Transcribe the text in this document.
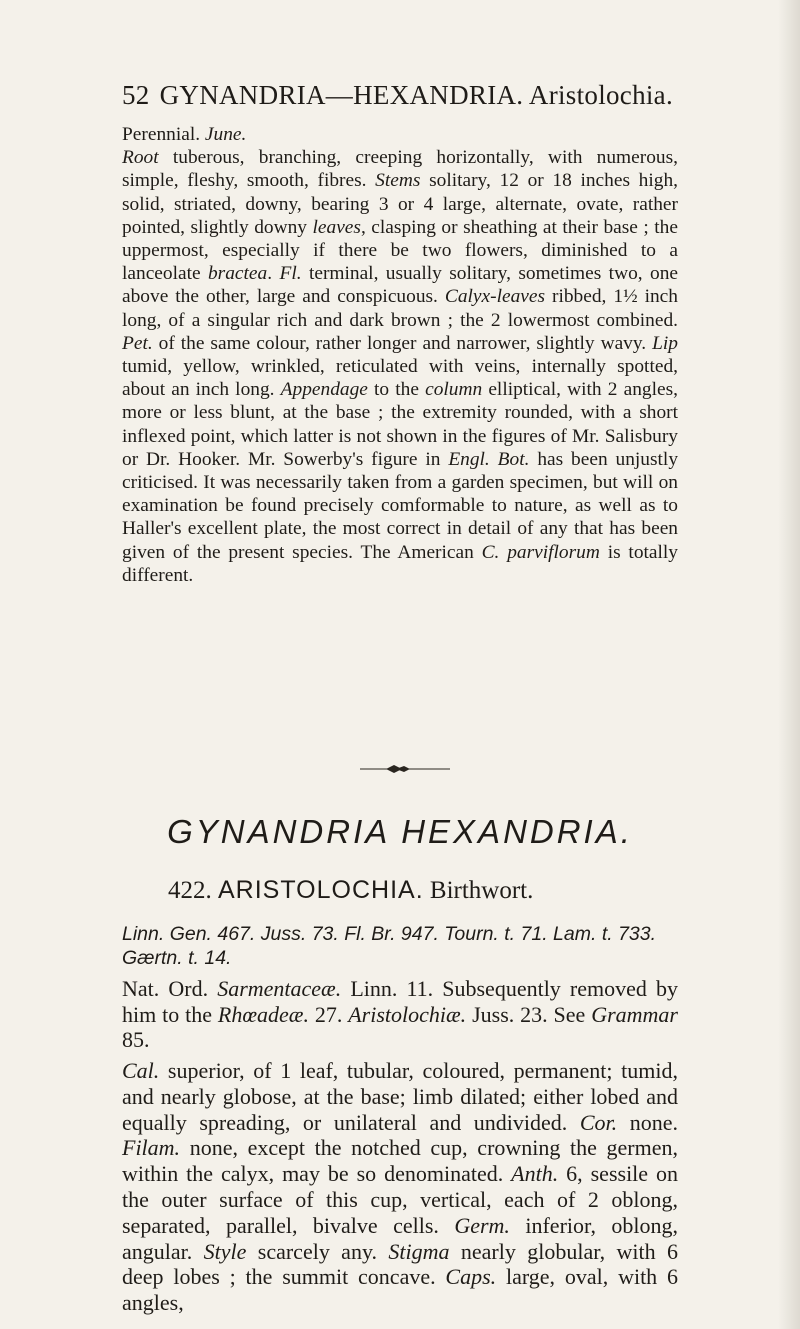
52 GYNANDRIA—HEXANDRIA. Aristolochia.

Perennial. June.

Root tuberous, branching, creeping horizontally, with numerous, simple, fleshy, smooth, fibres. Stems solitary, 12 or 18 inches high, solid, striated, downy, bearing 3 or 4 large, alternate, ovate, rather pointed, slightly downy leaves, clasping or sheathing at their base ; the uppermost, especially if there be two flowers, diminished to a lanceolate bractea. Fl. terminal, usually solitary, sometimes two, one above the other, large and conspicuous. Calyx-leaves ribbed, 1½ inch long, of a singular rich and dark brown ; the 2 lowermost combined. Pet. of the same colour, rather longer and narrower, slightly wavy. Lip tumid, yellow, wrinkled, reticulated with veins, internally spotted, about an inch long. Appendage to the column elliptical, with 2 angles, more or less blunt, at the base ; the extremity rounded, with a short inflexed point, which latter is not shown in the figures of Mr. Salisbury or Dr. Hooker. Mr. Sowerby's figure in Engl. Bot. has been unjustly criticised. It was necessarily taken from a garden specimen, but will on examination be found precisely comformable to nature, as well as to Haller's excellent plate, the most correct in detail of any that has been given of the present species. The American C. parviflorum is totally different.

GYNANDRIA HEXANDRIA.
422. ARISTOLOCHIA. Birthwort.

Linn. Gen. 467. Juss. 73. Fl. Br. 947. Tourn. t. 71. Lam. t. 733.

Gærtn. t. 14.

Nat. Ord. Sarmentaceæ. Linn. 11. Subsequently removed by him to the Rhœadeæ. 27. Aristolochiæ. Juss. 23. See Grammar 85.

Cal. superior, of 1 leaf, tubular, coloured, permanent; tumid, and nearly globose, at the base; limb dilated; either lobed and equally spreading, or unilateral and undivided. Cor. none. Filam. none, except the notched cup, crowning the germen, within the calyx, may be so denominated. Anth. 6, sessile on the outer surface of this cup, vertical, each of 2 oblong, separated, parallel, bivalve cells. Germ. inferior, oblong, angular. Style scarcely any. Stigma nearly globular, with 6 deep lobes ; the summit concave. Caps. large, oval, with 6 angles,
